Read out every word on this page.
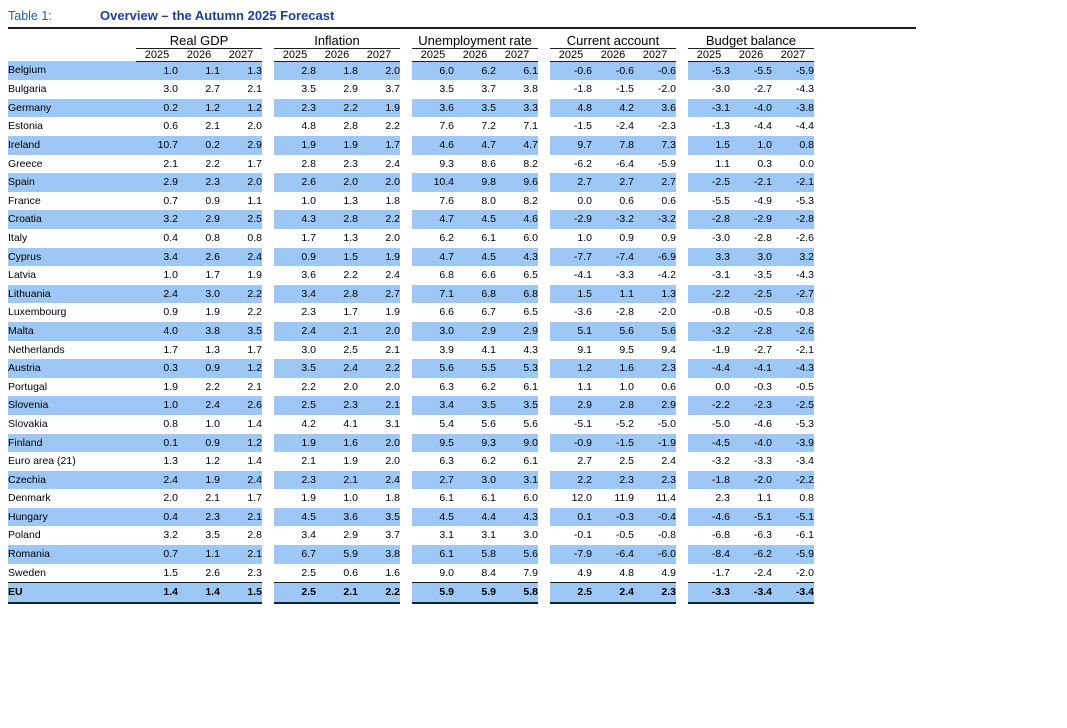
Table 1:	Overview – the Autumn 2025 Forecast
	Real GDP				Inflation				Unemployment rate				Current account				Budget balance		
	2025	2026	2027		2025	2026	2027		2025	2026	2027		2025	2026	2027		2025	2026	2027
Belgium	1.0	1.1	1.3		2.8	1.8	2.0		6.0	6.2	6.1		-0.6	-0.6	-0.6		-5.3	-5.5	-5.9
Bulgaria	3.0	2.7	2.1		3.5	2.9	3.7		3.5	3.7	3.8		-1.8	-1.5	-2.0		-3.0	-2.7	-4.3
Germany	0.2	1.2	1.2		2.3	2.2	1.9		3.6	3.5	3.3		4.8	4.2	3.6		-3.1	-4.0	-3.8
Estonia	0.6	2.1	2.0		4.8	2.8	2.2		7.6	7.2	7.1		-1.5	-2.4	-2.3		-1.3	-4.4	-4.4
Ireland	10.7	0.2	2.9		1.9	1.9	1.7		4.6	4.7	4.7		9.7	7.8	7.3		1.5	1.0	0.8
Greece	2.1	2.2	1.7		2.8	2.3	2.4		9.3	8.6	8.2		-6.2	-6.4	-5.9		1.1	0.3	0.0
Spain	2.9	2.3	2.0		2.6	2.0	2.0		10.4	9.8	9.6		2.7	2.7	2.7		-2.5	-2.1	-2.1
France	0.7	0.9	1.1		1.0	1.3	1.8		7.6	8.0	8.2		0.0	0.6	0.6		-5.5	-4.9	-5.3
Croatia	3.2	2.9	2.5		4.3	2.8	2.2		4.7	4.5	4.6		-2.9	-3.2	-3.2		-2.8	-2.9	-2.8
Italy	0.4	0.8	0.8		1.7	1.3	2.0		6.2	6.1	6.0		1.0	0.9	0.9		-3.0	-2.8	-2.6
Cyprus	3.4	2.6	2.4		0.9	1.5	1.9		4.7	4.5	4.3		-7.7	-7.4	-6.9		3.3	3.0	3.2
Latvia	1.0	1.7	1.9		3.6	2.2	2.4		6.8	6.6	6.5		-4.1	-3.3	-4.2		-3.1	-3.5	-4.3
Lithuania	2.4	3.0	2.2		3.4	2.8	2.7		7.1	6.8	6.8		1.5	1.1	1.3		-2.2	-2.5	-2.7
Luxembourg	0.9	1.9	2.2		2.3	1.7	1.9		6.6	6.7	6.5		-3.6	-2.8	-2.0		-0.8	-0.5	-0.8
Malta	4.0	3.8	3.5		2.4	2.1	2.0		3.0	2.9	2.9		5.1	5.6	5.6		-3.2	-2.8	-2.6
Netherlands	1.7	1.3	1.7		3.0	2.5	2.1		3.9	4.1	4.3		9.1	9.5	9.4		-1.9	-2.7	-2.1
Austria	0.3	0.9	1.2		3.5	2.4	2.2		5.6	5.5	5.3		1.2	1.6	2.3		-4.4	-4.1	-4.3
Portugal	1.9	2.2	2.1		2.2	2.0	2.0		6.3	6.2	6.1		1.1	1.0	0.6		0.0	-0.3	-0.5
Slovenia	1.0	2.4	2.6		2.5	2.3	2.1		3.4	3.5	3.5		2.9	2.8	2.9		-2.2	-2.3	-2.5
Slovakia	0.8	1.0	1.4		4.2	4.1	3.1		5.4	5.6	5.6		-5.1	-5.2	-5.0		-5.0	-4.6	-5.3
Finland	0.1	0.9	1.2		1.9	1.6	2.0		9.5	9.3	9.0		-0.9	-1.5	-1.9		-4.5	-4.0	-3.9
Euro area (21)	1.3	1.2	1.4		2.1	1.9	2.0		6.3	6.2	6.1		2.7	2.5	2.4		-3.2	-3.3	-3.4
Czechia	2.4	1.9	2.4		2.3	2.1	2.4		2.7	3.0	3.1		2.2	2.3	2.3		-1.8	-2.0	-2.2
Denmark	2.0	2.1	1.7		1.9	1.0	1.8		6.1	6.1	6.0		12.0	11.9	11.4		2.3	1.1	0.8
Hungary	0.4	2.3	2.1		4.5	3.6	3.5		4.5	4.4	4.3		0.1	-0.3	-0.4		-4.6	-5.1	-5.1
Poland	3.2	3.5	2.8		3.4	2.9	3.7		3.1	3.1	3.0		-0.1	-0.5	-0.8		-6.8	-6.3	-6.1
Romania	0.7	1.1	2.1		6.7	5.9	3.8		6.1	5.8	5.6		-7.9	-6.4	-6.0		-8.4	-6.2	-5.9
Sweden	1.5	2.6	2.3		2.5	0.6	1.6		9.0	8.4	7.9		4.9	4.8	4.9		-1.7	-2.4	-2.0
EU	1.4	1.4	1.5		2.5	2.1	2.2		5.9	5.9	5.8		2.5	2.4	2.3		-3.3	-3.4	-3.4
